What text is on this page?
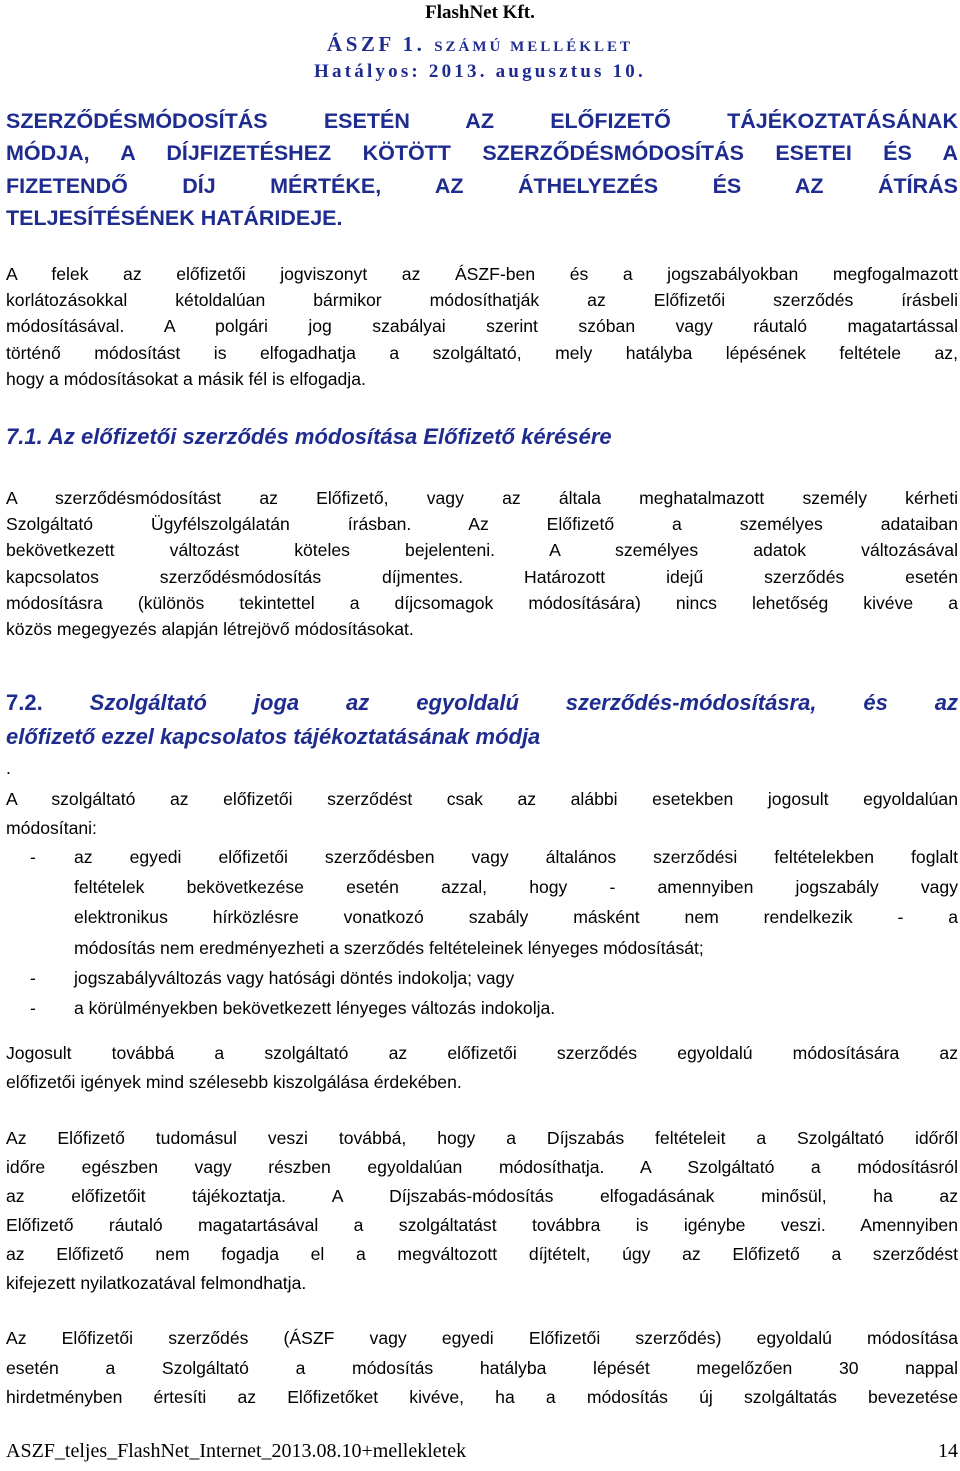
FlashNet Kft.
ÁSZF 1. SZÁMÚ MELLÉKLET
Hatályos: 2013. augusztus 10.
SZERZŐDÉSMÓDOSÍTÁS ESETÉN AZ ELŐFIZETŐ TÁJÉKOZTATÁSÁNAK
MÓDJA, A DÍJFIZETÉSHEZ KÖTÖTT SZERZŐDÉSMÓDOSÍTÁS ESETEI ÉS A
FIZETENDŐ DÍJ MÉRTÉKE, AZ ÁTHELYEZÉS ÉS AZ ÁTÍRÁS
TELJESÍTÉSÉNEK HATÁRIDEJE.
A felek az előfizetői jogviszonyt az ÁSZF-ben és a jogszabályokban megfogalmazott
korlátozásokkal kétoldalúan bármikor módosíthatják az Előfizetői szerződés írásbeli
módosításával. A polgári jog szabályai szerint szóban vagy ráutaló magatartással
történő módosítást is elfogadhatja a szolgáltató, mely hatályba lépésének feltétele az,
hogy a módosításokat a másik fél is elfogadja.
7.1. Az előfizetői szerződés módosítása Előfizető kérésére
A szerződésmódosítást az Előfizető, vagy az általa meghatalmazott személy kérheti
Szolgáltató Ügyfélszolgálatán írásban. Az Előfizető a személyes adataiban
bekövetkezett változást köteles bejelenteni. A személyes adatok változásával
kapcsolatos szerződésmódosítás díjmentes. Határozott idejű szerződés esetén
módosításra (különös tekintettel a díjcsomagok módosítására) nincs lehetőség kivéve a
közös megegyezés alapján létrejövő módosításokat.
7.2. Szolgáltató joga az egyoldalú szerződés-módosításra, és az
előfizető ezzel kapcsolatos tájékoztatásának módja
.
A szolgáltató az előfizetői szerződést csak az alábbi esetekben jogosult egyoldalúan
módosítani:
- az egyedi előfizetői szerződésben vagy általános szerződési feltételekben foglalt
feltételek bekövetkezése esetén azzal, hogy - amennyiben jogszabály vagy
elektronikus hírközlésre vonatkozó szabály másként nem rendelkezik - a
módosítás nem eredményezheti a szerződés feltételeinek lényeges módosítását;
- jogszabályváltozás vagy hatósági döntés indokolja; vagy
- a körülményekben bekövetkezett lényeges változás indokolja.
Jogosult továbbá a szolgáltató az előfizetői szerződés egyoldalú módosítására az
előfizetői igények mind szélesebb kiszolgálása érdekében.
Az Előfizető tudomásul veszi továbbá, hogy a Díjszabás feltételeit a Szolgáltató időről
időre egészben vagy részben egyoldalúan módosíthatja. A Szolgáltató a módosításról
az előfizetőit tájékoztatja. A Díjszabás-módosítás elfogadásának minősül, ha az
Előfizető ráutaló magatartásával a szolgáltatást továbbra is igénybe veszi. Amennyiben
az Előfizető nem fogadja el a megváltozott díjtételt, úgy az Előfizető a szerződést
kifejezett nyilatkozatával felmondhatja.
Az Előfizetői szerződés (ÁSZF vagy egyedi Előfizetői szerződés) egyoldalú módosítása
esetén a Szolgáltató a módosítás hatályba lépését megelőzően 30 nappal
hirdetményben értesíti az Előfizetőket kivéve, ha a módosítás új szolgáltatás bevezetése
ASZF_teljes_FlashNet_Internet_2013.08.10+mellekletek	14
